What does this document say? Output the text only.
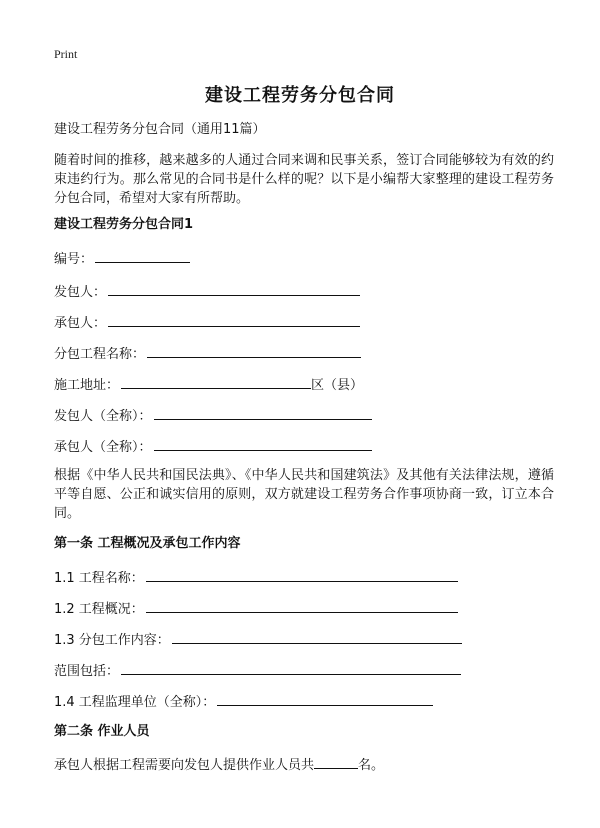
Print
建设工程劳务分包合同
建设工程劳务分包合同（通用11篇）
随着时间的推移，越来越多的人通过合同来调和民事关系，签订合同能够较为有效的约束违约行为。那么常见的合同书是什么样的呢？以下是小编帮大家整理的建设工程劳务分包合同，希望对大家有所帮助。
建设工程劳务分包合同1
编号：
发包人：
承包人：
分包工程名称：
施工地址：	区（县）
发包人（全称）：
承包人（全称）：
根据《中华人民共和国民法典》、《中华人民共和国建筑法》及其他有关法律法规，遵循平等自愿、公正和诚实信用的原则，双方就建设工程劳务合作事项协商一致，订立本合同。
第一条 工程概况及承包工作内容
1.1 工程名称：
1.2 工程概况：
1.3 分包工作内容：
范围包括：
1.4 工程监理单位（全称）：
第二条 作业人员
承包人根据工程需要向发包人提供作业人员共	名。
